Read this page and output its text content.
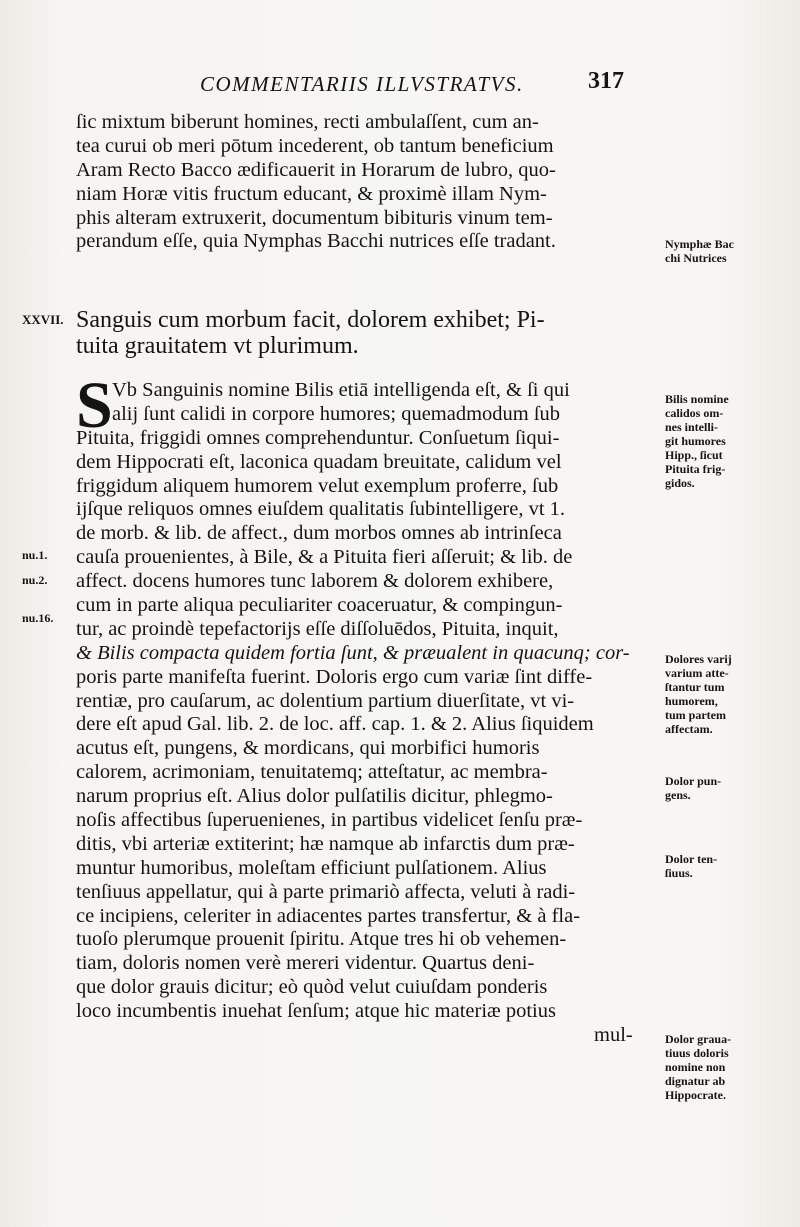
COMMENTARIIS ILLVSTRATVS.	317
ſic mixtum biberunt homines, recti ambulaſſent, cum an-
tea curui ob meri pōtum incederent, ob tantum beneficium
Aram Recto Bacco ædificauerit in Horarum de lubro, quo-
niam Horæ vitis fructum educant, & proximè illam Nym-
phis alteram extruxerit, documentum bibituris vinum tem-
perandum eſſe, quia Nymphas Bacchi nutrices eſſe tradant.
XXVII. Sanguis cum morbum facit, dolorem exhibet; Pi-
tuita grauitatem vt plurimum.
S Vb Sanguinis nomine Bilis etiā intelligenda eſt, & ſi qui
alij ſunt calidi in corpore humores; quemadmodum ſub
Pituita, friggidi omnes comprehenduntur. Conſuetum ſiqui-
dem Hippocrati eſt, laconica quadam breuitate, calidum vel
friggidum aliquem humorem velut exemplum proferre, ſub
ijſque reliquos omnes eiuſdem qualitatis ſubintelligere, vt 1.
de morb. & lib. de affect., dum morbos omnes ab intrinſeca
cauſa prouenientes, à Bile, & a Pituita fieri aſſeruit; & lib. de
affect. docens humores tunc laborem & dolorem exhibere,
cum in parte aliqua peculiariter coaceruatur, & compingun-
tur, ac proindè tepefactorijs eſſe diſſoluēdos, Pituita, inquit,
& Bilis compacta quidem fortia ſunt, & præualent in quacunq; cor-
poris parte manifeſta fuerint. Doloris ergo cum variæ ſint diffe-
rentiæ, pro cauſarum, ac dolentium partium diuerſitate, vt vi-
dere eſt apud Gal. lib. 2. de loc. aff. cap. 1. & 2. Alius ſiquidem
acutus eſt, pungens, & mordicans, qui morbifici humoris
calorem, acrimoniam, tenuitatemq; atteſtatur, ac membra-
narum proprius eſt. Alius dolor pulſatilis dicitur, phlegmo-
noſis affectibus ſuperuenienes, in partibus videlicet ſenſu præ-
ditis, vbi arteriæ extiterint; hæ namque ab infarctis dum præ-
muntur humoribus, moleſtam efficiunt pulſationem. Alius
tenſiuus appellatur, qui à parte primariò affecta, veluti à radi-
ce incipiens, celeriter in adiacentes partes transfertur, & à fla-
tuoſo plerumque prouenit ſpiritu. Atque tres hi ob vehemen-
tiam, doloris nomen verè mereri videntur. Quartus deni-
que dolor grauis dicitur; eò quòd velut cuiuſdam ponderis
loco incumbentis inuehat ſenſum; atque hic materiæ potius
mul-
nu.1.
nu.2.
nu.16.
Nymphæ Bac
chi Nutrices
Bilis nomine
calidos om-
nes intelli-
git humores
Hipp., ſicut
Pituita frig-
gidos.
Dolores varij
varium atte-
ſtantur tum
humorem,
tum partem
affectam.
Dolor pun-
gens.
Dolor ten-
ſiuus.
Dolor graua-
tiuus doloris
nomine non
dignatur ab
Hippocrate.
